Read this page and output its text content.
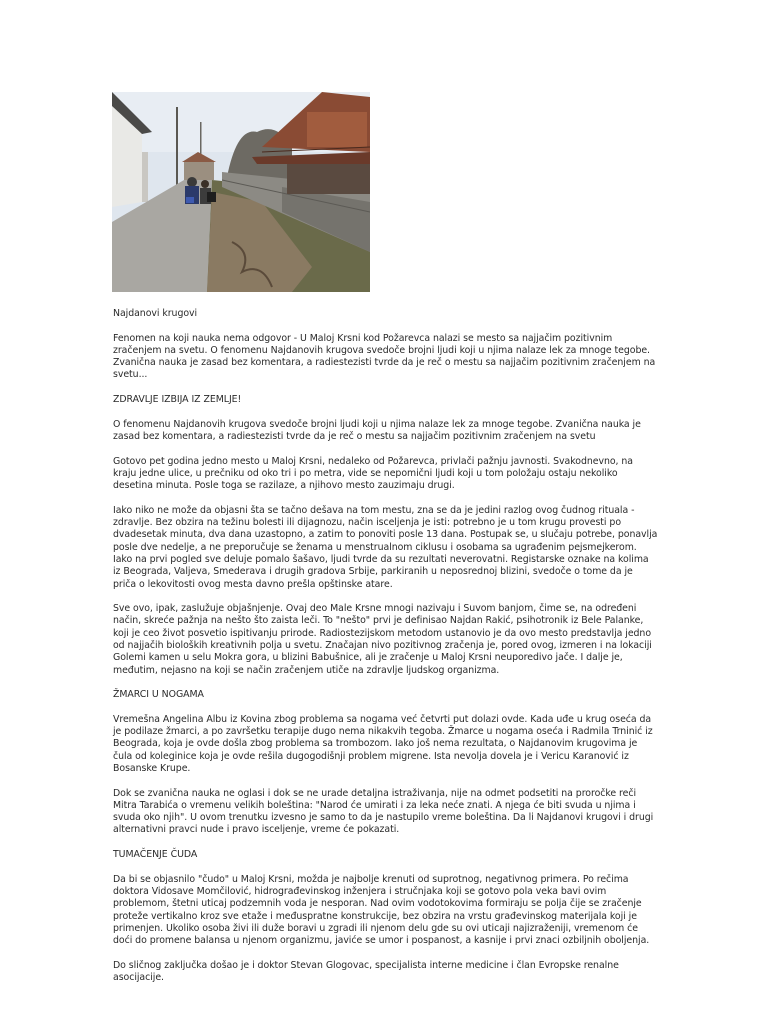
Najdanovi krugovi

Fenomen na koji nauka nema odgovor - U Maloj Krsni kod Požarevca nalazi se mesto sa najjačim pozitivnim zračenjem na svetu. O fenomenu Najdanovih krugova svedoče brojni ljudi koji u njima nalaze lek za mnoge tegobe. Zvanična nauka je zasad bez komentara, a radiestezisti tvrde da je reč o mestu sa najjačim pozitivnim zračenjem na svetu...

ZDRAVLJE IZBIJA IZ ZEMLJE!

O fenomenu Najdanovih krugova svedoče brojni ljudi koji u njima nalaze lek za mnoge tegobe. Zvanična nauka je zasad bez komentara, a radiestezisti tvrde da je reč o mestu sa najjačim pozitivnim zračenjem na svetu

Gotovo pet godina jedno mesto u Maloj Krsni, nedaleko od Požarevca, privlači pažnju javnosti. Svakodnevno, na kraju jedne ulice, u prečniku od oko tri i po metra, vide se nepomični ljudi koji u tom položaju ostaju nekoliko desetina minuta. Posle toga se razilaze, a njihovo mesto zauzimaju drugi.

Iako niko ne može da objasni šta se tačno dešava na tom mestu, zna se da je jedini razlog ovog čudnog rituala - zdravlje. Bez obzira na težinu bolesti ili dijagnozu, način isceljenja je isti: potrebno je u tom krugu provesti po dvadesetak minuta, dva dana uzastopno, a zatim to ponoviti posle 13 dana. Postupak se, u slučaju potrebe, ponavlja posle dve nedelje, a ne preporučuje se ženama u menstrualnom ciklusu i osobama sa ugrađenim pejsmejkerom. Iako na prvi pogled sve deluje pomalo šašavo, ljudi tvrde da su rezultati neverovatni. Registarske oznake na kolima iz Beograda, Valjeva, Smederava i drugih gradova Srbije, parkiranih u neposrednoj blizini, svedoče o tome da je priča o lekovitosti ovog mesta davno prešla opštinske atare.

Sve ovo, ipak, zaslužuje objašnjenje. Ovaj deo Male Krsne mnogi nazivaju i Suvom banjom, čime se, na određeni način, skreće pažnja na nešto što zaista leči. To "nešto" prvi je definisao Najdan Rakić, psihotronik iz Bele Palanke, koji je ceo život posvetio ispitivanju prirode. Radiostezijskom metodom ustanovio je da ovo mesto predstavlja jedno od najjačih bioloških kreativnih polja u svetu. Značajan nivo pozitivnog zračenja je, pored ovog, izmeren i na lokaciji Golemi kamen u selu Mokra gora, u blizini Babušnice, ali je zračenje u Maloj Krsni neuporedivo jače. I dalje je, međutim, nejasno na koji se način zračenjem utiče na zdravlje ljudskog organizma.

ŽMARCI U NOGAMA

Vremešna Angelina Albu iz Kovina zbog problema sa nogama već četvrti put dolazi ovde. Kada uđe u krug oseća da je podilaze žmarci, a po završetku terapije dugo nema nikakvih tegoba. Žmarce u nogama oseća i Radmila Trninić iz Beograda, koja je ovde došla zbog problema sa trombozom. Iako još nema rezultata, o Najdanovim krugovima je čula od koleginice koja je ovde rešila dugogodišnji problem migrene. Ista nevolja dovela je i Vericu Karanović iz Bosanske Krupe.

Dok se zvanična nauka ne oglasi i dok se ne urade detaljna istraživanja, nije na odmet podsetiti na proročke reči Mitra Tarabića o vremenu velikih boleština: "Narod će umirati i za leka neće znati. A njega će biti svuda u njima i svuda oko njih". U ovom trenutku izvesno je samo to da je nastupilo vreme boleština. Da li Najdanovi krugovi i drugi alternativni pravci nude i pravo isceljenje, vreme će pokazati.

TUMAČENJE ČUDA

Da bi se objasnilo "čudo" u Maloj Krsni, možda je najbolje krenuti od suprotnog, negativnog primera. Po rečima doktora Vidosave Momčilović, hidrograđevinskog inženjera i stručnjaka koji se gotovo pola veka bavi ovim problemom, štetni uticaj podzemnih voda je nesporan. Nad ovim vodotokovima formiraju se polja čije se zračenje proteže vertikalno kroz sve etaže i međuspratne konstrukcije, bez obzira na vrstu građevinskog materijala koji je primenjen. Ukoliko osoba živi ili duže boravi u zgradi ili njenom delu gde su ovi uticaji najizraženiji, vremenom će doći do promene balansa u njenom organizmu, javiće se umor i pospanost, a kasnije i prvi znaci ozbiljnih oboljenja.

Do sličnog zaključka došao je i doktor Stevan Glogovac, specijalista interne medicine i član Evropske renalne asocijacije.
